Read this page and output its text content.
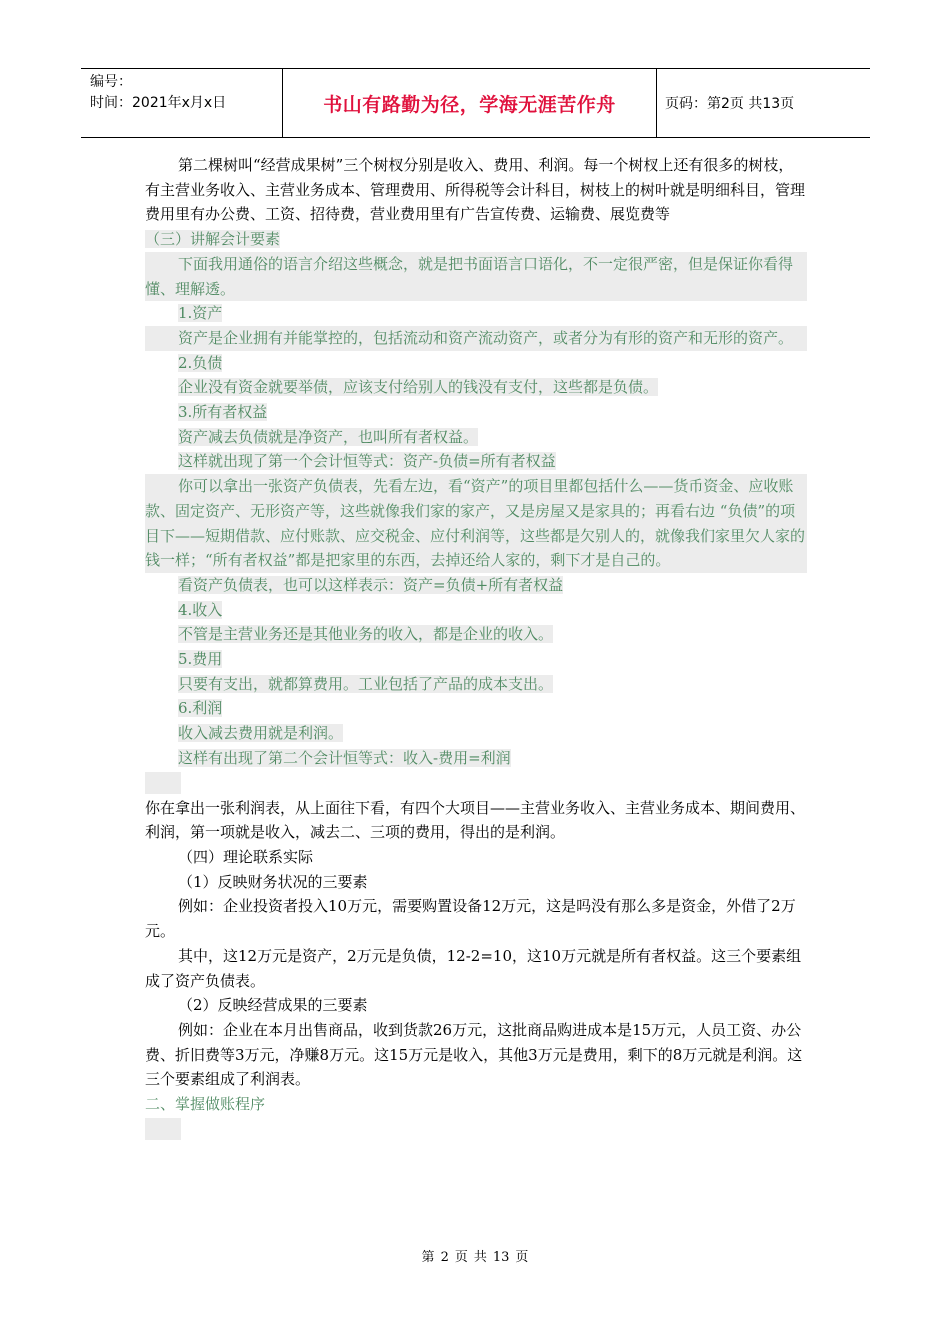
编号：
时间：2021年x月x日	书山有路勤为径，学海无涯苦作舟	页码：第2页 共13页

第二棵树叫“经营成果树”三个树杈分别是收入、费用、利润。每一个树杈上还有很多的树枝，有主营业务收入、主营业务成本、管理费用、所得税等会计科目，树枝上的树叶就是明细科目，管理费用里有办公费、工资、招待费，营业费用里有广告宣传费、运输费、展览费等

（三）讲解会计要素

下面我用通俗的语言介绍这些概念，就是把书面语言口语化，不一定很严密，但是保证你看得懂、理解透。

1.资产

资产是企业拥有并能掌控的，包括流动和资产流动资产，或者分为有形的资产和无形的资产。

2.负债

企业没有资金就要举债，应该支付给别人的钱没有支付，这些都是负债。

3.所有者权益

资产减去负债就是净资产，也叫所有者权益。

这样就出现了第一个会计恒等式：资产-负债=所有者权益

你可以拿出一张资产负债表，先看左边，看“资产”的项目里都包括什么——货币资金、应收账款、固定资产、无形资产等，这些就像我们家的家产，又是房屋又是家具的；再看右边 “负债”的项目下——短期借款、应付账款、应交税金、应付利润等，这些都是欠别人的，就像我们家里欠人家的钱一样；“所有者权益”都是把家里的东西，去掉还给人家的，剩下才是自己的。

看资产负债表，也可以这样表示：资产=负债+所有者权益

4.收入

不管是主营业务还是其他业务的收入，都是企业的收入。

5.费用

只要有支出，就都算费用。工业包括了产品的成本支出。

6.利润

收入减去费用就是利润。

这样有出现了第二个会计恒等式：收入-费用=利润

你在拿出一张利润表，从上面往下看，有四个大项目——主营业务收入、主营业务成本、期间费用、利润，第一项就是收入，减去二、三项的费用，得出的是利润。

（四）理论联系实际

（1）反映财务状况的三要素

例如：企业投资者投入10万元，需要购置设备12万元，这是吗没有那么多是资金，外借了2万元。

其中，这12万元是资产，2万元是负债，12-2=10，这10万元就是所有者权益。这三个要素组成了资产负债表。

（2）反映经营成果的三要素

例如：企业在本月出售商品，收到货款26万元，这批商品购进成本是15万元，人员工资、办公费、折旧费等3万元，净赚8万元。这15万元是收入，其他3万元是费用，剩下的8万元就是利润。这三个要素组成了利润表。

二、掌握做账程序

第 2 页 共 13 页
